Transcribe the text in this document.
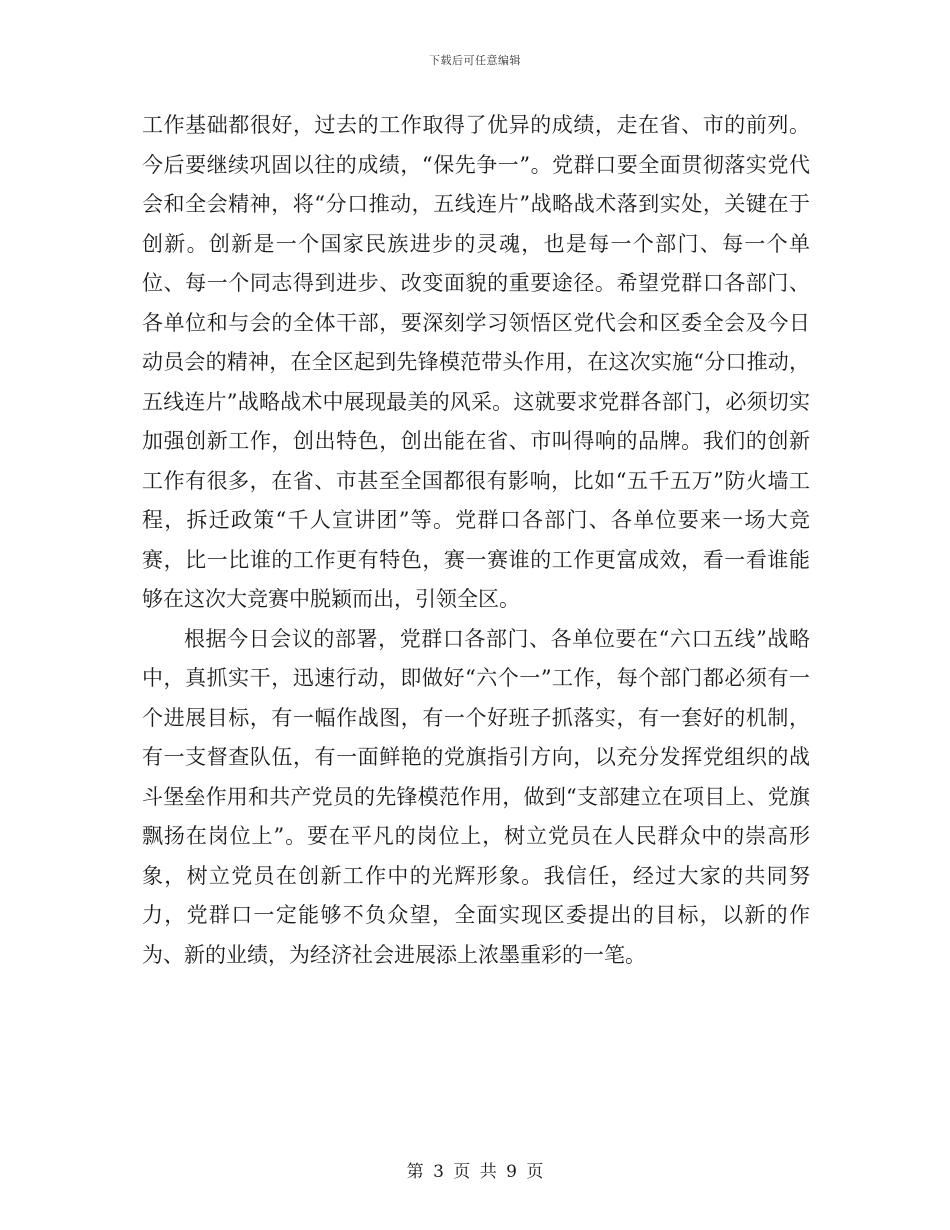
下载后可任意编辑

工作基础都很好，过去的工作取得了优异的成绩，走在省、市的前列。今后要继续巩固以往的成绩，“保先争一”。党群口要全面贯彻落实党代会和全会精神，将“分口推动，五线连片”战略战术落到实处，关键在于创新。创新是一个国家民族进步的灵魂，也是每一个部门、每一个单位、每一个同志得到进步、改变面貌的重要途径。希望党群口各部门、各单位和与会的全体干部，要深刻学习领悟区党代会和区委全会及今日动员会的精神，在全区起到先锋模范带头作用，在这次实施“分口推动，五线连片”战略战术中展现最美的风采。这就要求党群各部门，必须切实加强创新工作，创出特色，创出能在省、市叫得响的品牌。我们的创新工作有很多，在省、市甚至全国都很有影响，比如“五千五万”防火墙工程，拆迁政策“千人宣讲团”等。党群口各部门、各单位要来一场大竞赛，比一比谁的工作更有特色，赛一赛谁的工作更富成效，看一看谁能够在这次大竞赛中脱颖而出，引领全区。

根据今日会议的部署，党群口各部门、各单位要在“六口五线”战略中，真抓实干，迅速行动，即做好“六个一”工作，每个部门都必须有一个进展目标，有一幅作战图，有一个好班子抓落实，有一套好的机制，有一支督查队伍，有一面鲜艳的党旗指引方向，以充分发挥党组织的战斗堡垒作用和共产党员的先锋模范作用，做到“支部建立在项目上、党旗飘扬在岗位上”。要在平凡的岗位上，树立党员在人民群众中的崇高形象，树立党员在创新工作中的光辉形象。我信任，经过大家的共同努力，党群口一定能够不负众望，全面实现区委提出的目标，以新的作为、新的业绩，为经济社会进展添上浓墨重彩的一笔。

第 3 页 共 9 页
